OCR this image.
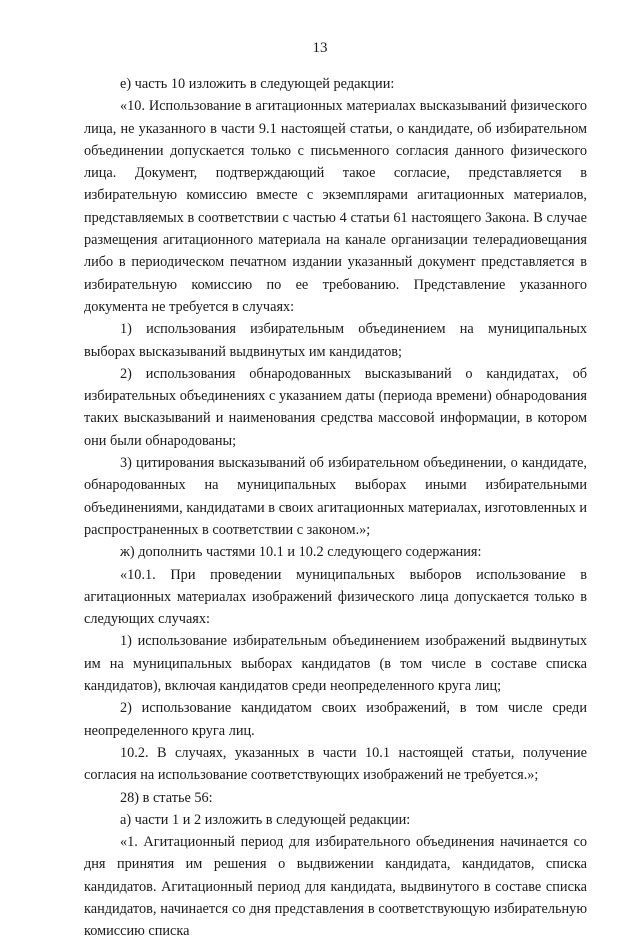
13

е) часть 10 изложить в следующей редакции:

«10. Использование в агитационных материалах высказываний физического лица, не указанного в части 9.1 настоящей статьи, о кандидате, об избирательном объединении допускается только с письменного согласия данного физического лица. Документ, подтверждающий такое согласие, представляется в избирательную комиссию вместе с экземплярами агитационных материалов, представляемых в соответствии с частью 4 статьи 61 настоящего Закона. В случае размещения агитационного материала на канале организации телерадиовещания либо в периодическом печатном издании указанный документ представляется в избирательную комиссию по ее требованию. Представление указанного документа не требуется в случаях:

1) использования избирательным объединением на муниципальных выборах высказываний выдвинутых им кандидатов;

2) использования обнародованных высказываний о кандидатах, об избирательных объединениях с указанием даты (периода времени) обнародования таких высказываний и наименования средства массовой информации, в котором они были обнародованы;

3) цитирования высказываний об избирательном объединении, о кандидате, обнародованных на муниципальных выборах иными избирательными объединениями, кандидатами в своих агитационных материалах, изготовленных и распространенных в соответствии с законом.»;

ж) дополнить частями 10.1 и 10.2 следующего содержания:

«10.1. При проведении муниципальных выборов использование в агитационных материалах изображений физического лица допускается только в следующих случаях:

1) использование избирательным объединением изображений выдвинутых им на муниципальных выборах кандидатов (в том числе в составе списка кандидатов), включая кандидатов среди неопределенного круга лиц;

2) использование кандидатом своих изображений, в том числе среди неопределенного круга лиц.

10.2. В случаях, указанных в части 10.1 настоящей статьи, получение согласия на использование соответствующих изображений не требуется.»;

28) в статье 56:

а) части 1 и 2 изложить в следующей редакции:

«1. Агитационный период для избирательного объединения начинается со дня принятия им решения о выдвижении кандидата, кандидатов, списка кандидатов. Агитационный период для кандидата, выдвинутого в составе списка кандидатов, начинается со дня представления в соответствующую избирательную комиссию списка
